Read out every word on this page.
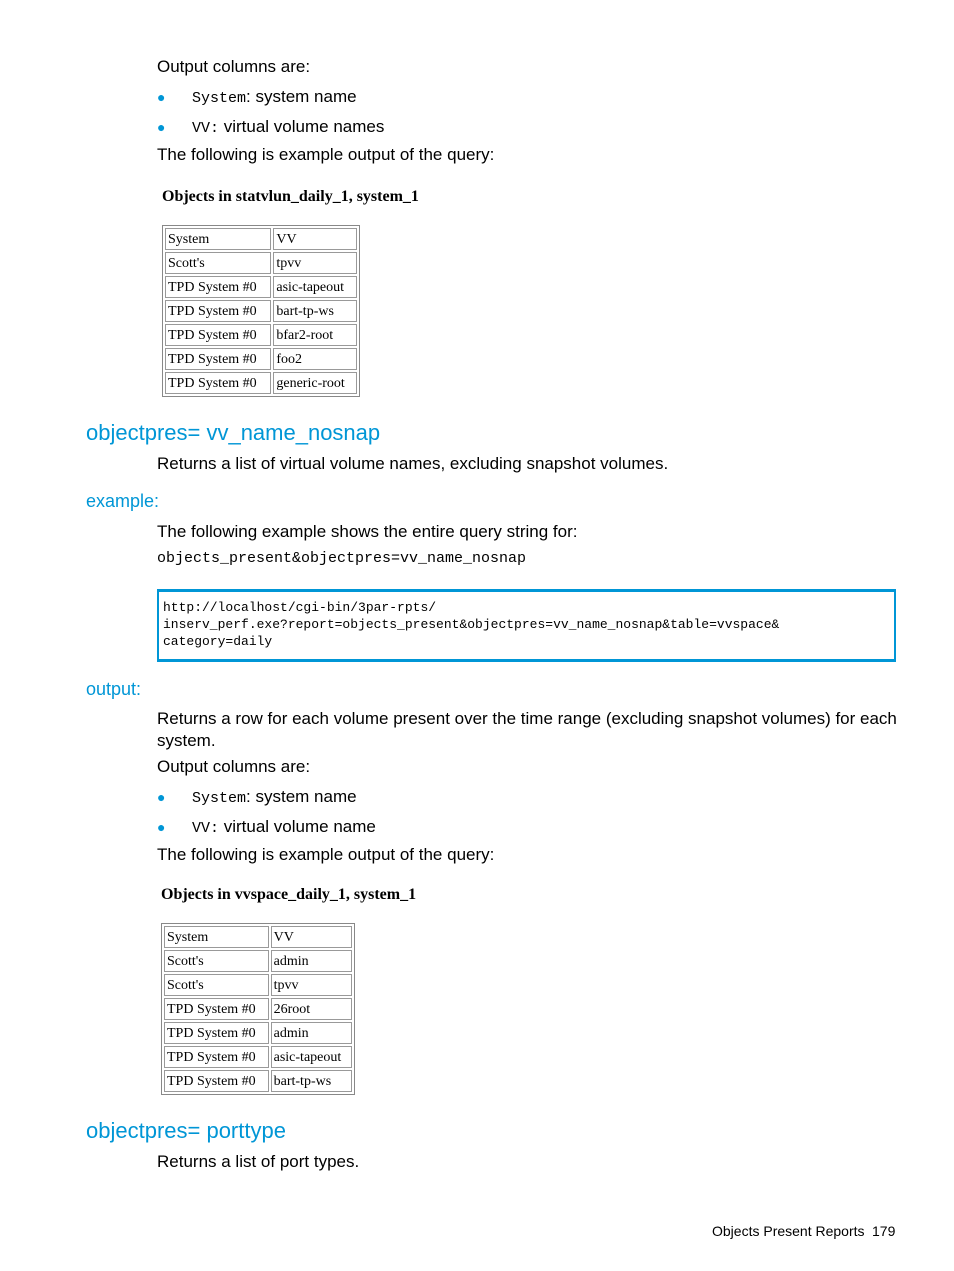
Output columns are:
● System: system name
● VV: virtual volume names
The following is example output of the query:
Objects in statvlun_daily_1, system_1
System	VV
Scott's	tpvv
TPD System #0	asic-tapeout
TPD System #0	bart-tp-ws
TPD System #0	bfar2-root
TPD System #0	foo2
TPD System #0	generic-root
objectpres= vv_name_nosnap
Returns a list of virtual volume names, excluding snapshot volumes.
example:
The following example shows the entire query string for:
objects_present&objectpres=vv_name_nosnap
http://localhost/cgi-bin/3par-rpts/
inserv_perf.exe?report=objects_present&objectpres=vv_name_nosnap&table=vvspace&
category=daily
output:
Returns a row for each volume present over the time range (excluding snapshot volumes) for each
system.
Output columns are:
● System: system name
● VV: virtual volume name
The following is example output of the query:
Objects in vvspace_daily_1, system_1
System	VV
Scott's	admin
Scott's	tpvv
TPD System #0	26root
TPD System #0	admin
TPD System #0	asic-tapeout
TPD System #0	bart-tp-ws
objectpres= porttype
Returns a list of port types.
Objects Present Reports 179
